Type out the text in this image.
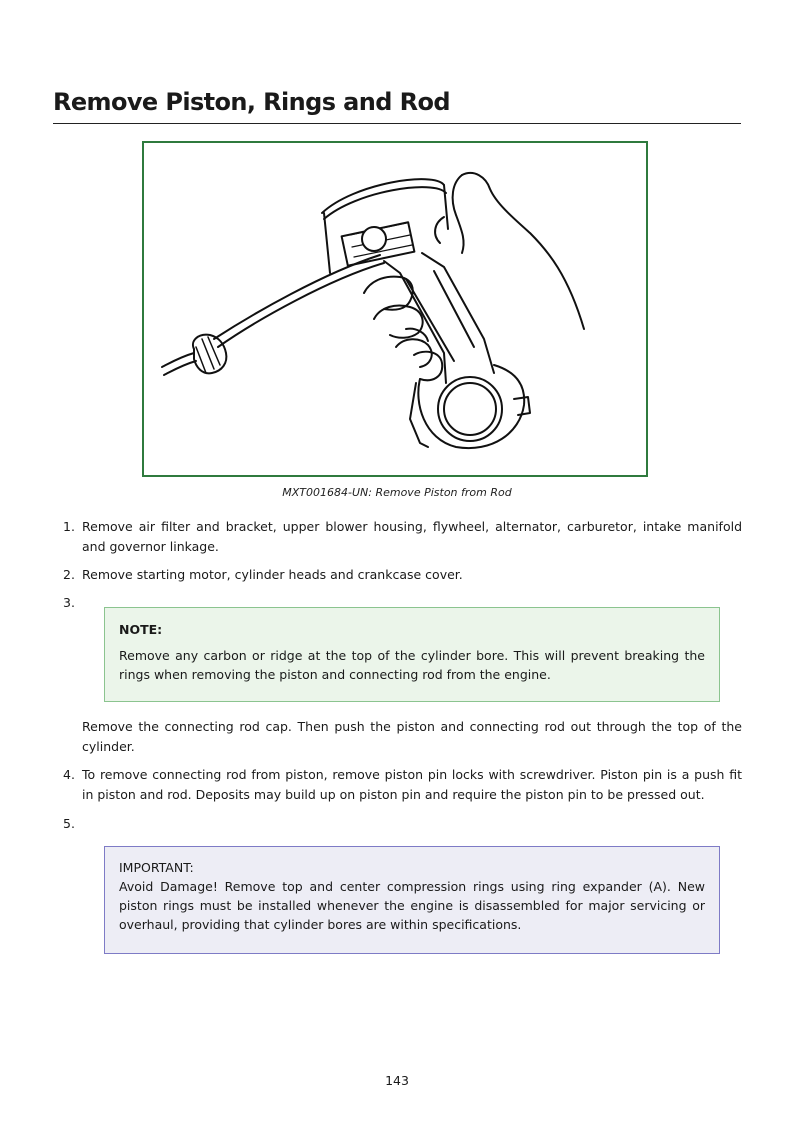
Remove Piston, Rings and Rod
MXT001684-UN: Remove Piston from Rod
1. Remove air filter and bracket, upper blower housing, flywheel, alternator, carburetor, intake manifold and governor linkage.
2. Remove starting motor, cylinder heads and crankcase cover.
3.
Remove the connecting rod cap. Then push the piston and connecting rod out through the top of the cylinder.
4. To remove connecting rod from piston, remove piston pin locks with screwdriver. Piston pin is a push fit in piston and rod. Deposits may build up on piston pin and require the piston pin to be pressed out.
5.
NOTE:
Remove any carbon or ridge at the top of the cylinder bore. This will prevent breaking the rings when removing the piston and connecting rod from the engine.
IMPORTANT:
Avoid Damage! Remove top and center compression rings using ring expander (A). New piston rings must be installed whenever the engine is disassembled for major servicing or overhaul, providing that cylinder bores are within specifications.
143
